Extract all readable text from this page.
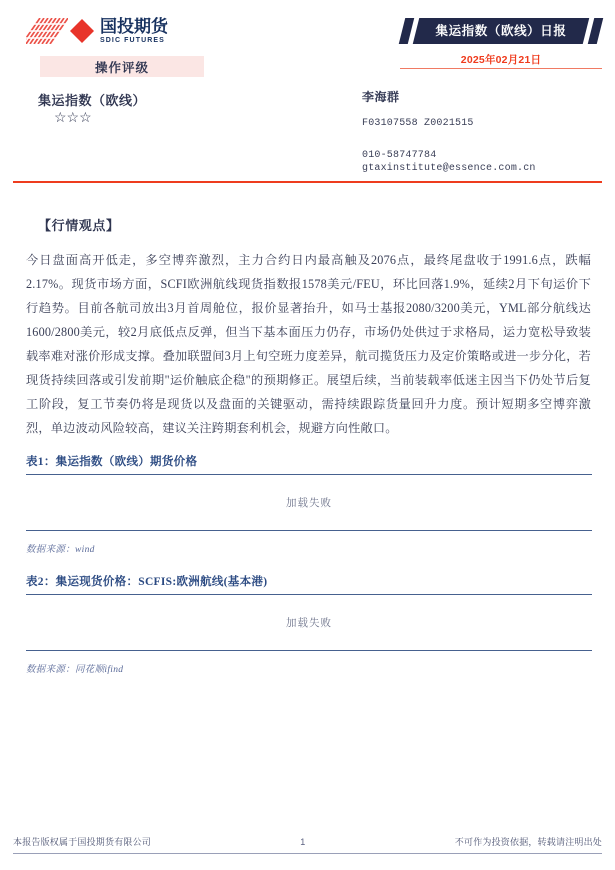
国投期货
SDIC FUTURES
操作评级
集运指数（欧线）
☆☆☆
集运指数（欧线）日报
2025年02月21日
李海群
F03107558 Z0021515
010-58747784
gtaxinstitute@essence.com.cn
【行情观点】
今日盘面高开低走，多空博弈激烈，主力合约日内最高触及2076点，最终尾盘收于1991.6点，跌幅2.17%。现货市场方面，SCFI欧洲航线现货指数报1578美元/FEU，环比回落1.9%，延续2月下旬运价下行趋势。目前各航司放出3月首周舱位，报价显著抬升，如马士基报2080/3200美元，YML部分航线达1600/2800美元，较2月底低点反弹，但当下基本面压力仍存，市场仍处供过于求格局，运力宽松导致装载率难对涨价形成支撑。叠加联盟间3月上旬空班力度差异，航司揽货压力及定价策略或进一步分化，若现货持续回落或引发前期"运价触底企稳"的预期修正。展望后续，当前装载率低迷主因当下仍处节后复工阶段，复工节奏仍将是现货以及盘面的关键驱动，需持续跟踪货量回升力度。预计短期多空博弈激烈，单边波动风险较高，建议关注跨期套利机会，规避方向性敞口。
表1：集运指数（欧线）期货价格
加载失败
数据来源：wind
表2：集运现货价格：SCFIS:欧洲航线(基本港)
加载失败
数据来源：同花顺ifind
本报告版权属于国投期货有限公司	1	不可作为投资依据，转载请注明出处
